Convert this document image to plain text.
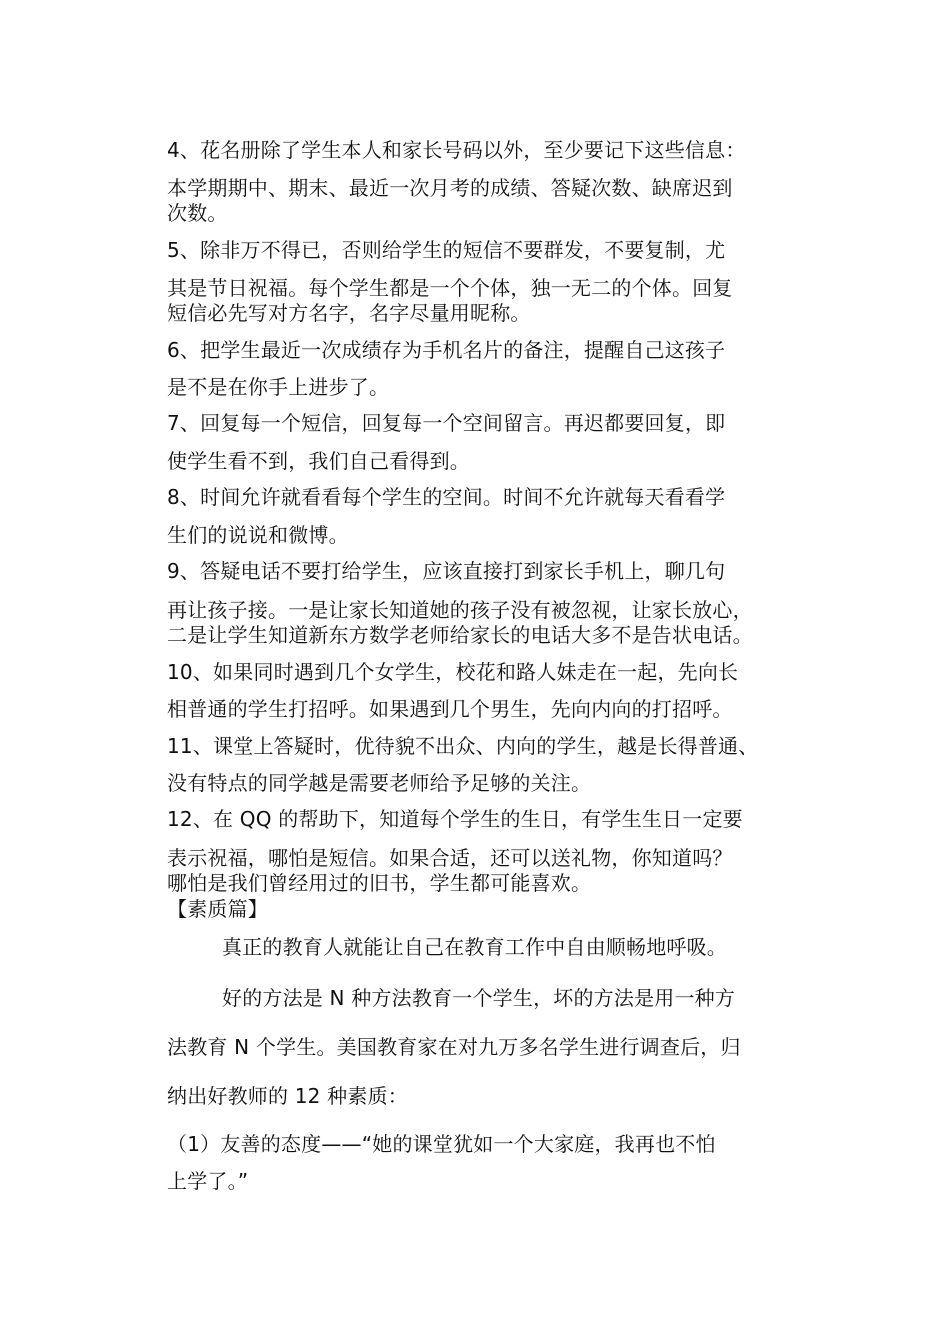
4、花名册除了学生本人和家长号码以外，至少要记下这些信息：
本学期期中、期末、最近一次月考的成绩、答疑次数、缺席迟到
次数。
5、除非万不得已，否则给学生的短信不要群发，不要复制，尤
其是节日祝福。每个学生都是一个个体，独一无二的个体。回复
短信必先写对方名字，名字尽量用昵称。
6、把学生最近一次成绩存为手机名片的备注，提醒自己这孩子
是不是在你手上进步了。
7、回复每一个短信，回复每一个空间留言。再迟都要回复，即
使学生看不到，我们自己看得到。
8、时间允许就看看每个学生的空间。时间不允许就每天看看学
生们的说说和微博。
9、答疑电话不要打给学生，应该直接打到家长手机上，聊几句
再让孩子接。一是让家长知道她的孩子没有被忽视，让家长放心，
二是让学生知道新东方数学老师给家长的电话大多不是告状电话。
10、如果同时遇到几个女学生，校花和路人妹走在一起，先向长
相普通的学生打招呼。如果遇到几个男生，先向内向的打招呼。
11、课堂上答疑时，优待貌不出众、内向的学生，越是长得普通、
没有特点的同学越是需要老师给予足够的关注。
12、在 QQ 的帮助下，知道每个学生的生日，有学生生日一定要
表示祝福，哪怕是短信。如果合适，还可以送礼物，你知道吗？
哪怕是我们曾经用过的旧书，学生都可能喜欢。
【素质篇】
真正的教育人就能让自己在教育工作中自由顺畅地呼吸。
好的方法是 N 种方法教育一个学生，坏的方法是用一种方
法教育 N 个学生。美国教育家在对九万多名学生进行调查后，归
纳出好教师的 12 种素质：
（1）友善的态度——“她的课堂犹如一个大家庭，我再也不怕
上学了。”
